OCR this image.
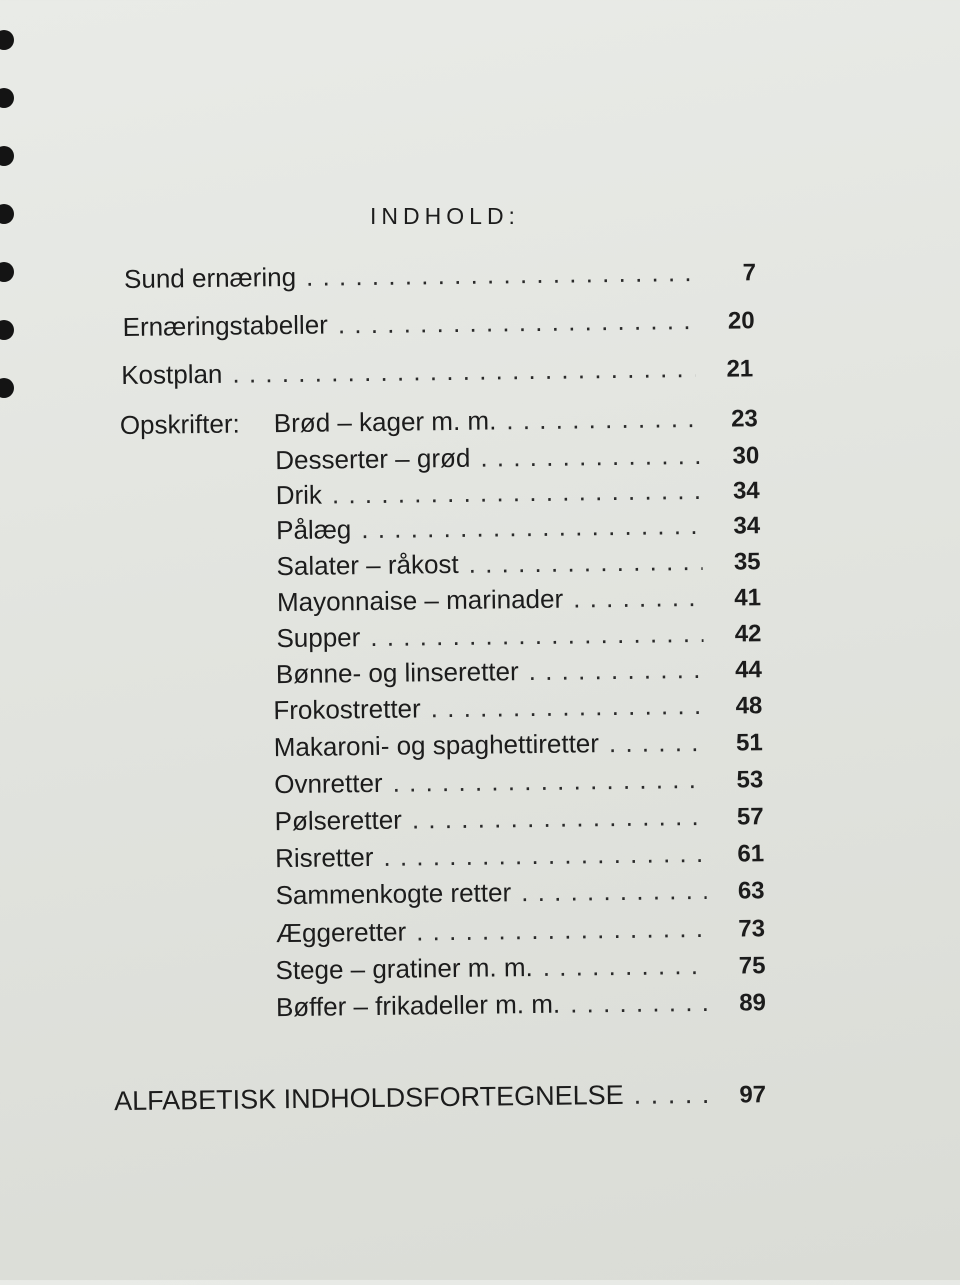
INDHOLD:
Sund ernæring . . .	7
Ernæringstabeller . . .	20
Kostplan . . .	21
Opskrifter:	Brød – kager m. m. . . .	23
Desserter – grød . . .	30
Drik . . .	34
Pålæg . . .	34
Salater – råkost . . .	35
Mayonnaise – marinader . . .	41
Supper . . .	42
Bønne- og linseretter . . .	44
Frokostretter . . .	48
Makaroni- og spaghettiretter . . .	51
Ovnretter . . .	53
Pølseretter . . .	57
Risretter . . .	61
Sammenkogte retter . . .	63
Æggeretter . . .	73
Stege – gratiner m. m. . . .	75
Bøffer – frikadeller m. m. . . .	89
ALFABETISK INDHOLDSFORTEGNELSE . . .	97
